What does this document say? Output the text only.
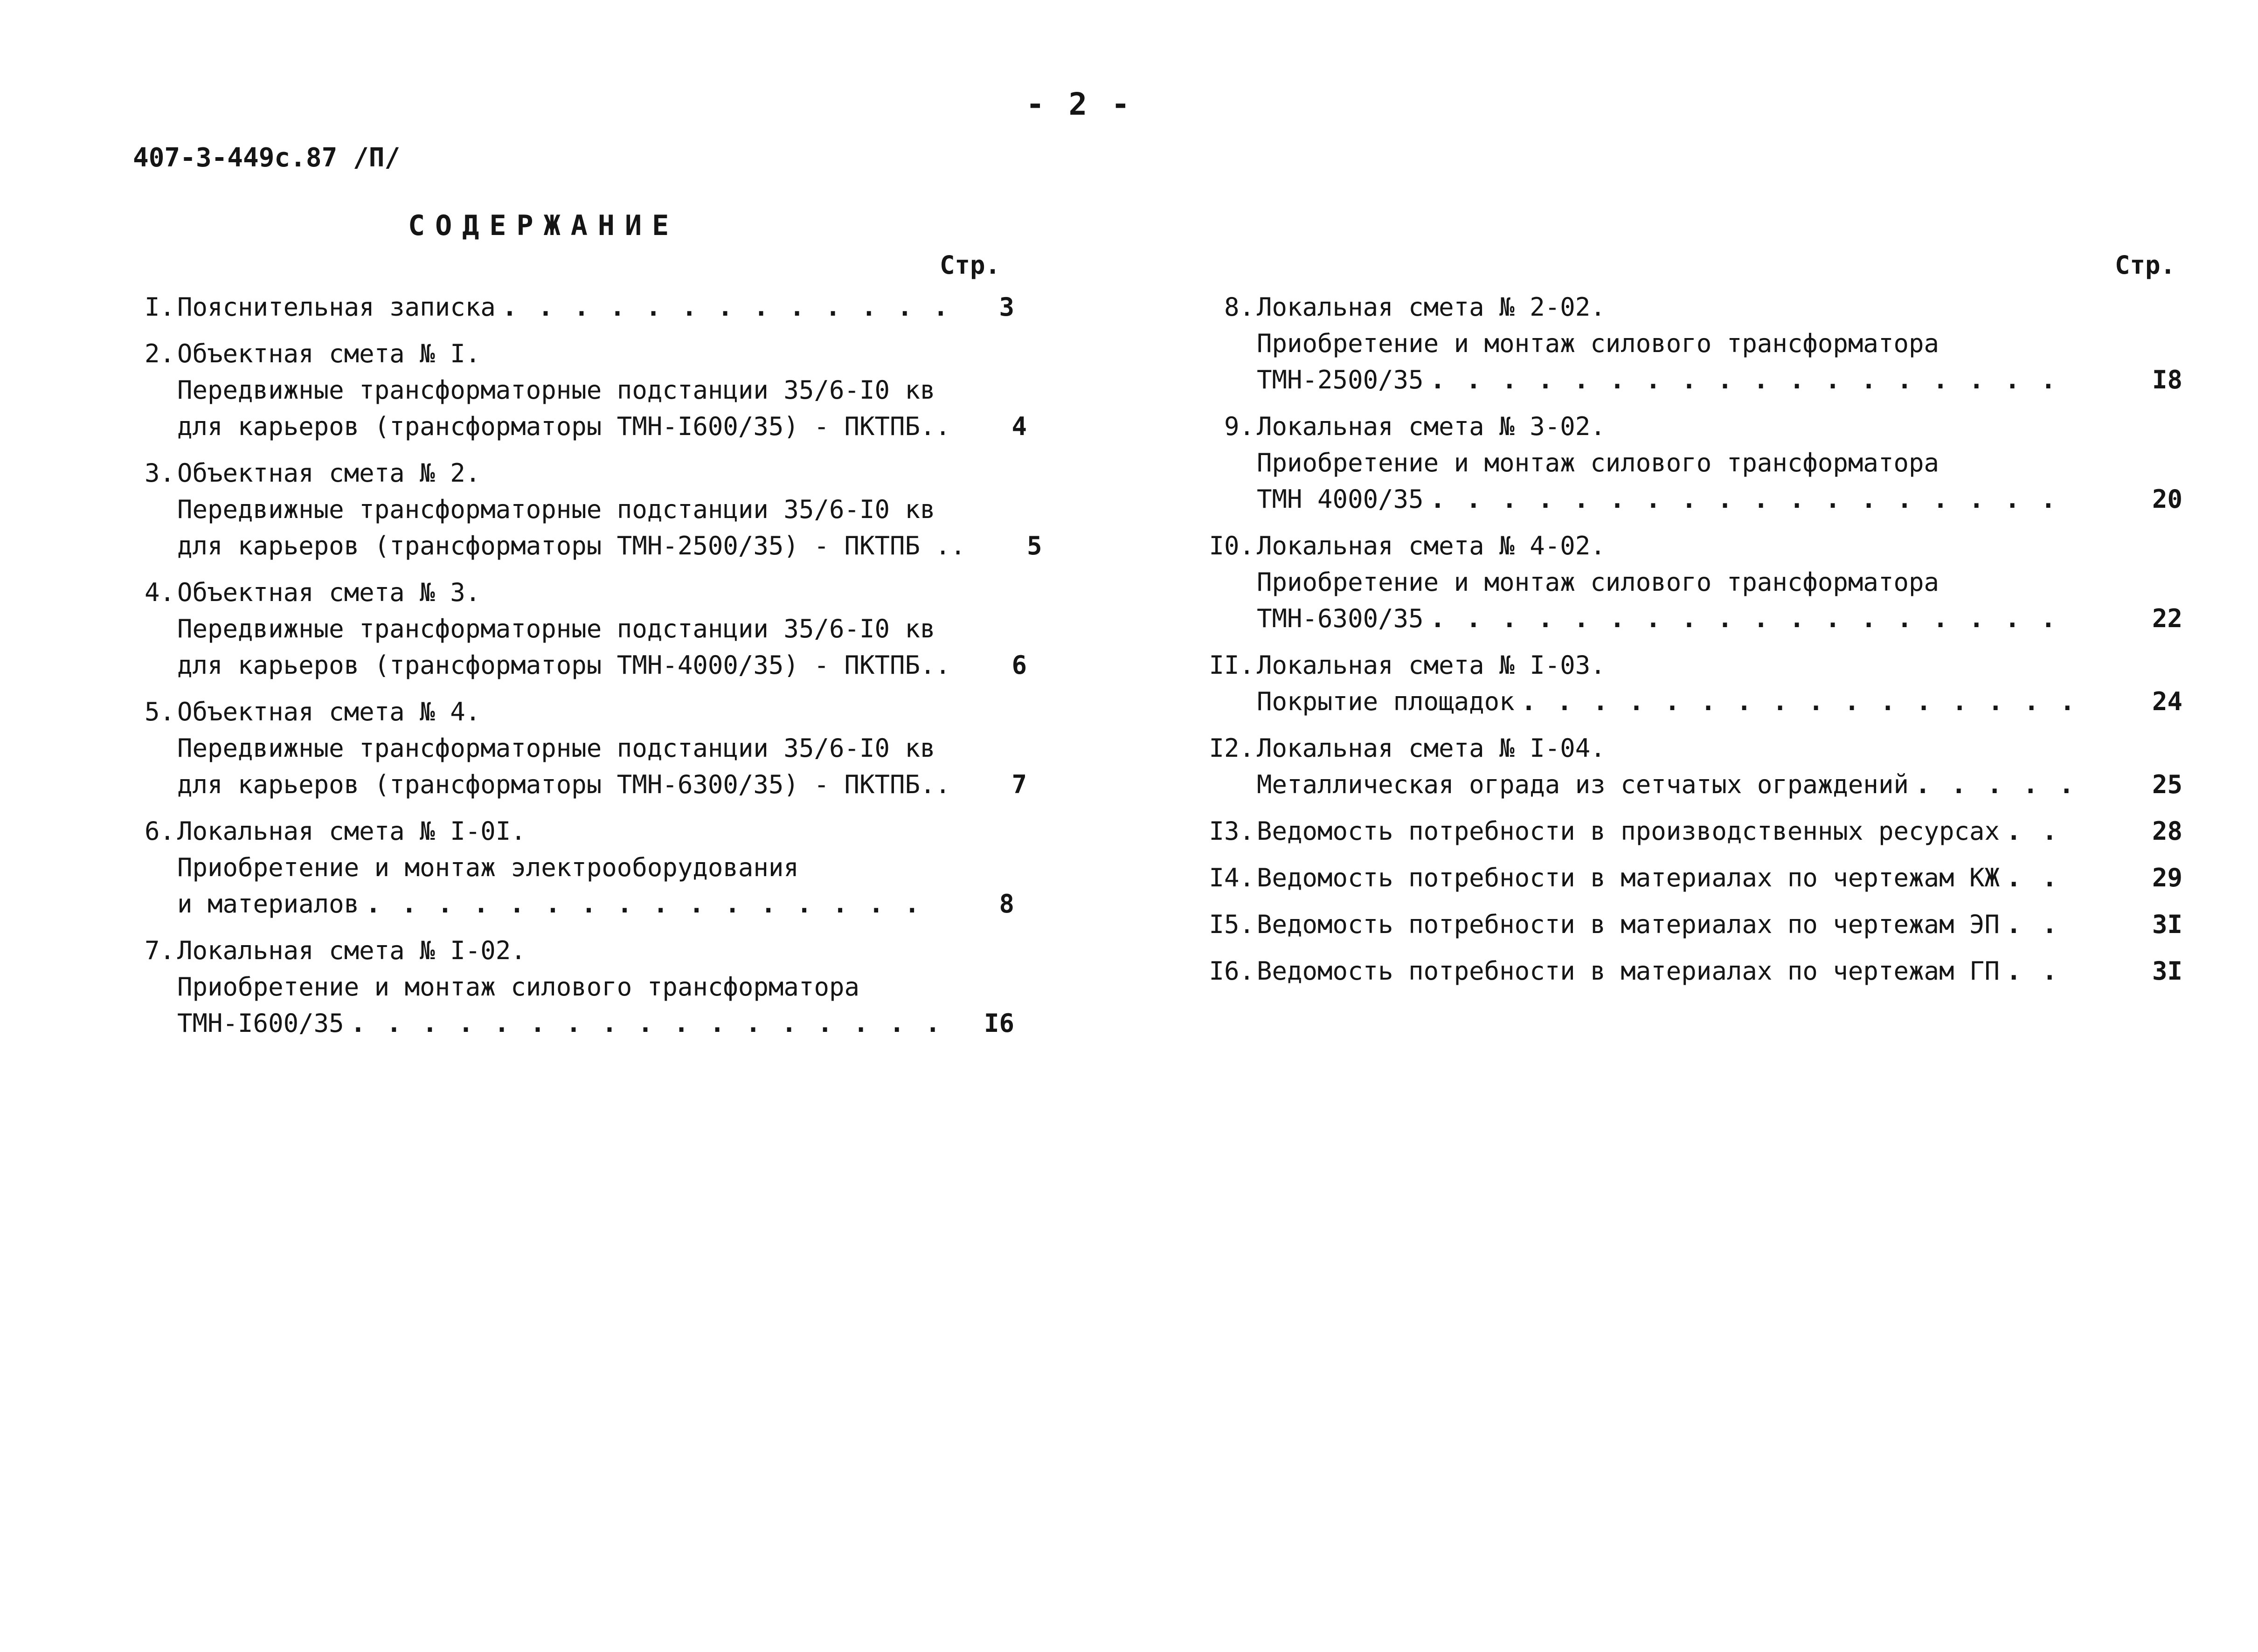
- 2 -
407-3-449с.87 /П/
СОДЕРЖАНИЕ
Стр.	Стр.
I. Пояснительная записка . . .	3
2. Объектная смета № I.
Передвижные трансформаторные подстанции 35/6-I0 кв
для карьеров (трансформаторы ТМН-I600/35) - ПКТПБ..	4
3. Объектная смета № 2.
Передвижные трансформаторные подстанции 35/6-I0 кв
для карьеров (трансформаторы ТМН-2500/35) - ПКТПБ ..	5
4. Объектная смета № 3.
Передвижные трансформаторные подстанции 35/6-I0 кв
для карьеров (трансформаторы ТМН-4000/35) - ПКТПБ..	6
5. Объектная смета № 4.
Передвижные трансформаторные подстанции 35/6-I0 кв
для карьеров (трансформаторы ТМН-6300/35) - ПКТПБ..	7
6. Локальная смета № I-0I.
Приобретение и монтаж электрооборудования
и материалов . . .	8
7. Локальная смета № I-02.
Приобретение и монтаж силового трансформатора
ТМН-I600/35 . . .	I6
8. Локальная смета № 2-02.
Приобретение и монтаж силового трансформатора
ТМН-2500/35 . . .	I8
9. Локальная смета № 3-02.
Приобретение и монтаж силового трансформатора
ТМН 4000/35 . . .	20
I0. Локальная смета № 4-02.
Приобретение и монтаж силового трансформатора
ТМН-6300/35 . . .	22
II. Локальная смета № I-03.
Покрытие площадок . . .	24
I2. Локальная смета № I-04.
Металлическая ограда из сетчатых ограждений . . .	25
I3. Ведомость потребности в производственных ресурсах . . .	28
I4. Ведомость потребности в материалах по чертежам КЖ . . .	29
I5. Ведомость потребности в материалах по чертежам ЭП . . .	3I
I6. Ведомость потребности в материалах по чертежам ГП . . .	3I
